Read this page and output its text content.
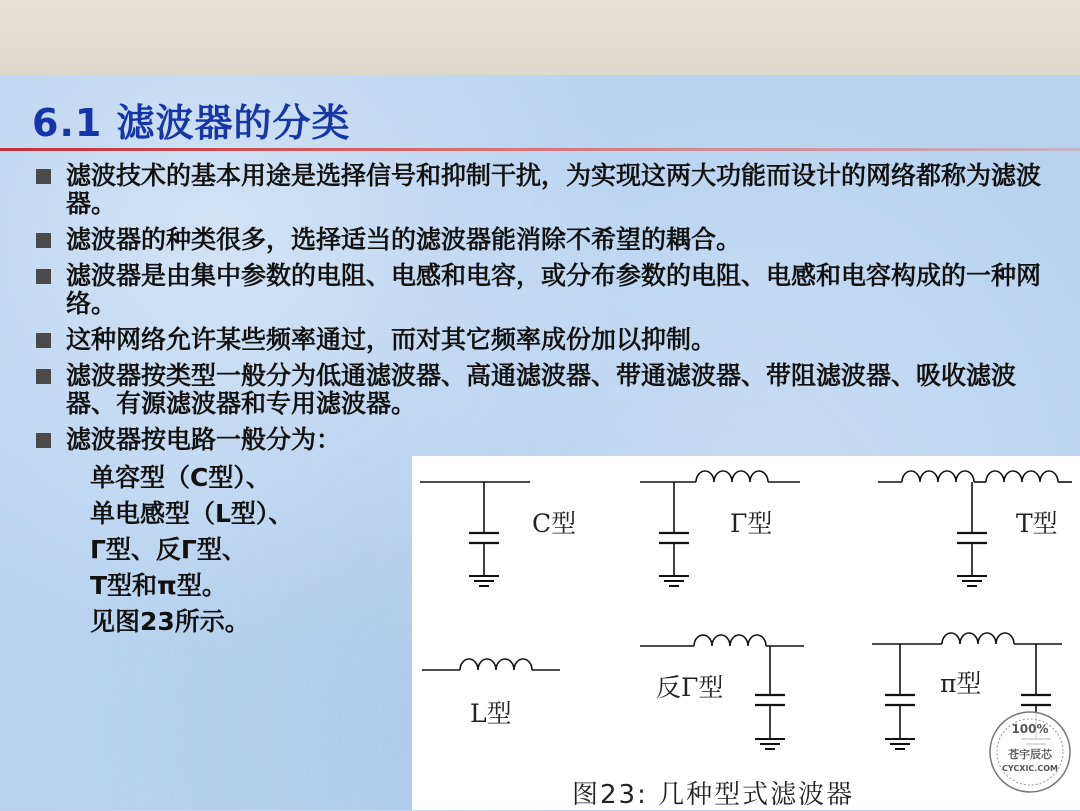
6.1 滤波器的分类
滤波技术的基本用途是选择信号和抑制干扰，为实现这两大功能而设计的网络都称为滤波器。
滤波器的种类很多，选择适当的滤波器能消除不希望的耦合。
滤波器是由集中参数的电阻、电感和电容，或分布参数的电阻、电感和电容构成的一种网络。
这种网络允许某些频率通过，而对其它频率成份加以抑制。
滤波器按类型一般分为低通滤波器、高通滤波器、带通滤波器、带阻滤波器、吸收滤波器、有源滤波器和专用滤波器。
滤波器按电路一般分为：
单容型（C型）、
单电感型（L型）、
Γ型、反Γ型、
T型和π型。
见图23所示。
C型	Γ型	T型
L型
反Γ型	π型
图23: 几种型式滤波器
100%
苍宇辰芯
CYCXIC.COM
